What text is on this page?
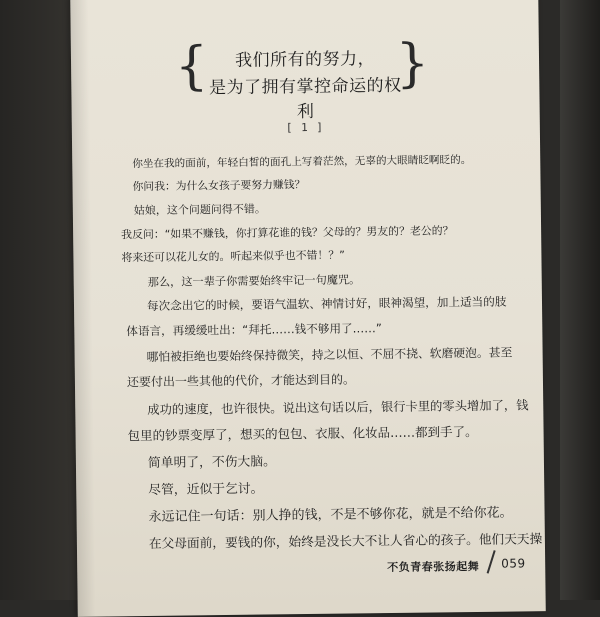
{	我们所有的努力，
是为了拥有掌控命运的权利
}
[ 1 ]
你坐在我的面前，年轻白皙的面孔上写着茫然，无辜的大眼睛眨啊眨的。
你问我：为什么女孩子要努力赚钱？
姑娘，这个问题问得不错。
我反问：“如果不赚钱，你打算花谁的钱？父母的？男友的？老公的？
将来还可以花儿女的。听起来似乎也不错！？”
那么，这一辈子你需要始终牢记一句魔咒。
每次念出它的时候，要语气温软、神情讨好，眼神渴望，加上适当的肢
体语言，再缓缓吐出：“拜托……钱不够用了……”
哪怕被拒绝也要始终保持微笑，持之以恒、不屈不挠、软磨硬泡。甚至
还要付出一些其他的代价，才能达到目的。
成功的速度，也许很快。说出这句话以后，银行卡里的零头增加了，钱
包里的钞票变厚了，想买的包包、衣服、化妆品……都到手了。
简单明了，不伤大脑。
尽管，近似于乞讨。
永远记住一句话：别人挣的钱，不是不够你花，就是不给你花。
在父母面前，要钱的你，始终是没长大不让人省心的孩子。他们天天操
不负青春张扬起舞 059
